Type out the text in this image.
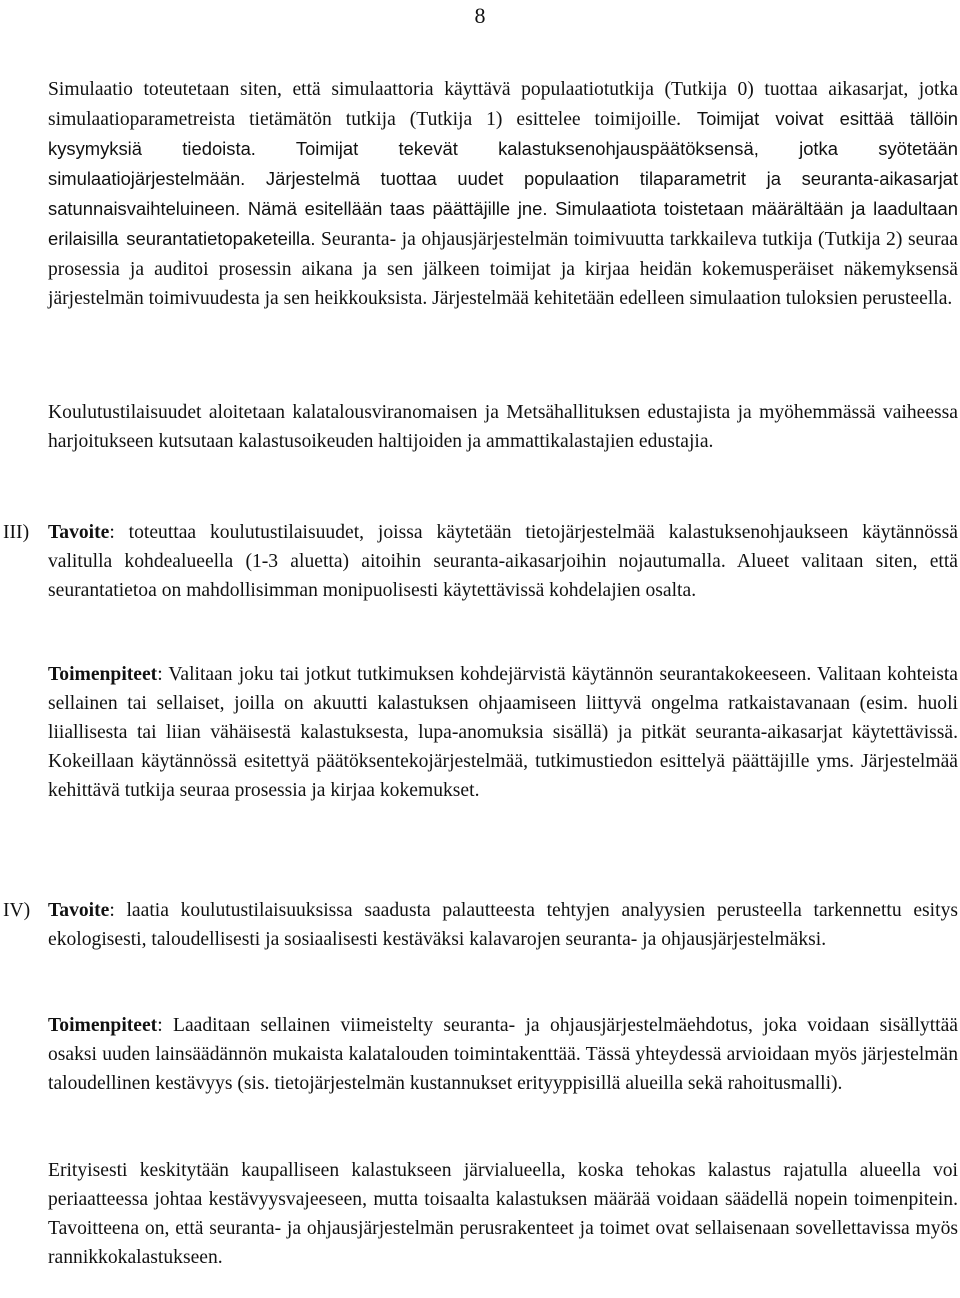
8

Simulaatio toteutetaan siten, että simulaattoria käyttävä populaatiotutkija (Tutkija 0) tuottaa aikasarjat, jotka simulaatioparametreista tietämätön tutkija (Tutkija 1) esittelee toimijoille. Toimijat voivat esittää tällöin kysymyksiä tiedoista. Toimijat tekevät kalastuksenohjauspäätöksensä, jotka syötetään simulaatiojärjestelmään. Järjestelmä tuottaa uudet populaation tilaparametrit ja seuranta-aikasarjat satunnaisvaihteluineen. Nämä esitellään taas päättäjille jne. Simulaatiota toistetaan määrältään ja laadultaan erilaisilla seurantatietopaketeilla. Seuranta- ja ohjausjärjestelmän toimivuutta tarkkaileva tutkija (Tutkija 2) seuraa prosessia ja auditoi prosessin aikana ja sen jälkeen toimijat ja kirjaa heidän kokemusperäiset näkemyksensä järjestelmän toimivuudesta ja sen heikkouksista. Järjestelmää kehitetään edelleen simulaation tuloksien perusteella.

Koulutustilaisuudet aloitetaan kalatalousviranomaisen ja Metsähallituksen edustajista ja myöhemmässä vaiheessa harjoitukseen kutsutaan kalastusoikeuden haltijoiden ja ammattikalastajien edustajia.

III) Tavoite: toteuttaa koulutustilaisuudet, joissa käytetään tietojärjestelmää kalastuksenohjaukseen käytännössä valitulla kohdealueella (1-3 aluetta) aitoihin seuranta-aikasarjoihin nojautumalla. Alueet valitaan siten, että seurantatietoa on mahdollisimman monipuolisesti käytettävissä kohdelajien osalta.

Toimenpiteet: Valitaan joku tai jotkut tutkimuksen kohdejärvistä käytännön seurantakokeeseen. Valitaan kohteista sellainen tai sellaiset, joilla on akuutti kalastuksen ohjaamiseen liittyvä ongelma ratkaistavanaan (esim. huoli liiallisesta tai liian vähäisestä kalastuksesta, lupa-anomuksia sisällä) ja pitkät seuranta-aikasarjat käytettävissä. Kokeillaan käytännössä esitettyä päätöksentekojärjestelmää, tutkimustiedon esittelyä päättäjille yms. Järjestelmää kehittävä tutkija seuraa prosessia ja kirjaa kokemukset.

IV) Tavoite: laatia koulutustilaisuuksissa saadusta palautteesta tehtyjen analyysien perusteella tarkennettu esitys ekologisesti, taloudellisesti ja sosiaalisesti kestäväksi kalavarojen seuranta- ja ohjausjärjestelmäksi.

Toimenpiteet: Laaditaan sellainen viimeistelty seuranta- ja ohjausjärjestelmäehdotus, joka voidaan sisällyttää osaksi uuden lainsäädännön mukaista kalatalouden toimintakenttää. Tässä yhteydessä arvioidaan myös järjestelmän taloudellinen kestävyys (sis. tietojärjestelmän kustannukset erityyppisillä alueilla sekä rahoitusmalli).

Erityisesti keskitytään kaupalliseen kalastukseen järvialueella, koska tehokas kalastus rajatulla alueella voi periaatteessa johtaa kestävyysvajeeseen, mutta toisaalta kalastuksen määrää voidaan säädellä nopein toimenpitein. Tavoitteena on, että seuranta- ja ohjausjärjestelmän perusrakenteet ja toimet ovat sellaisenaan sovellettavissa myös rannikkokalastukseen.
